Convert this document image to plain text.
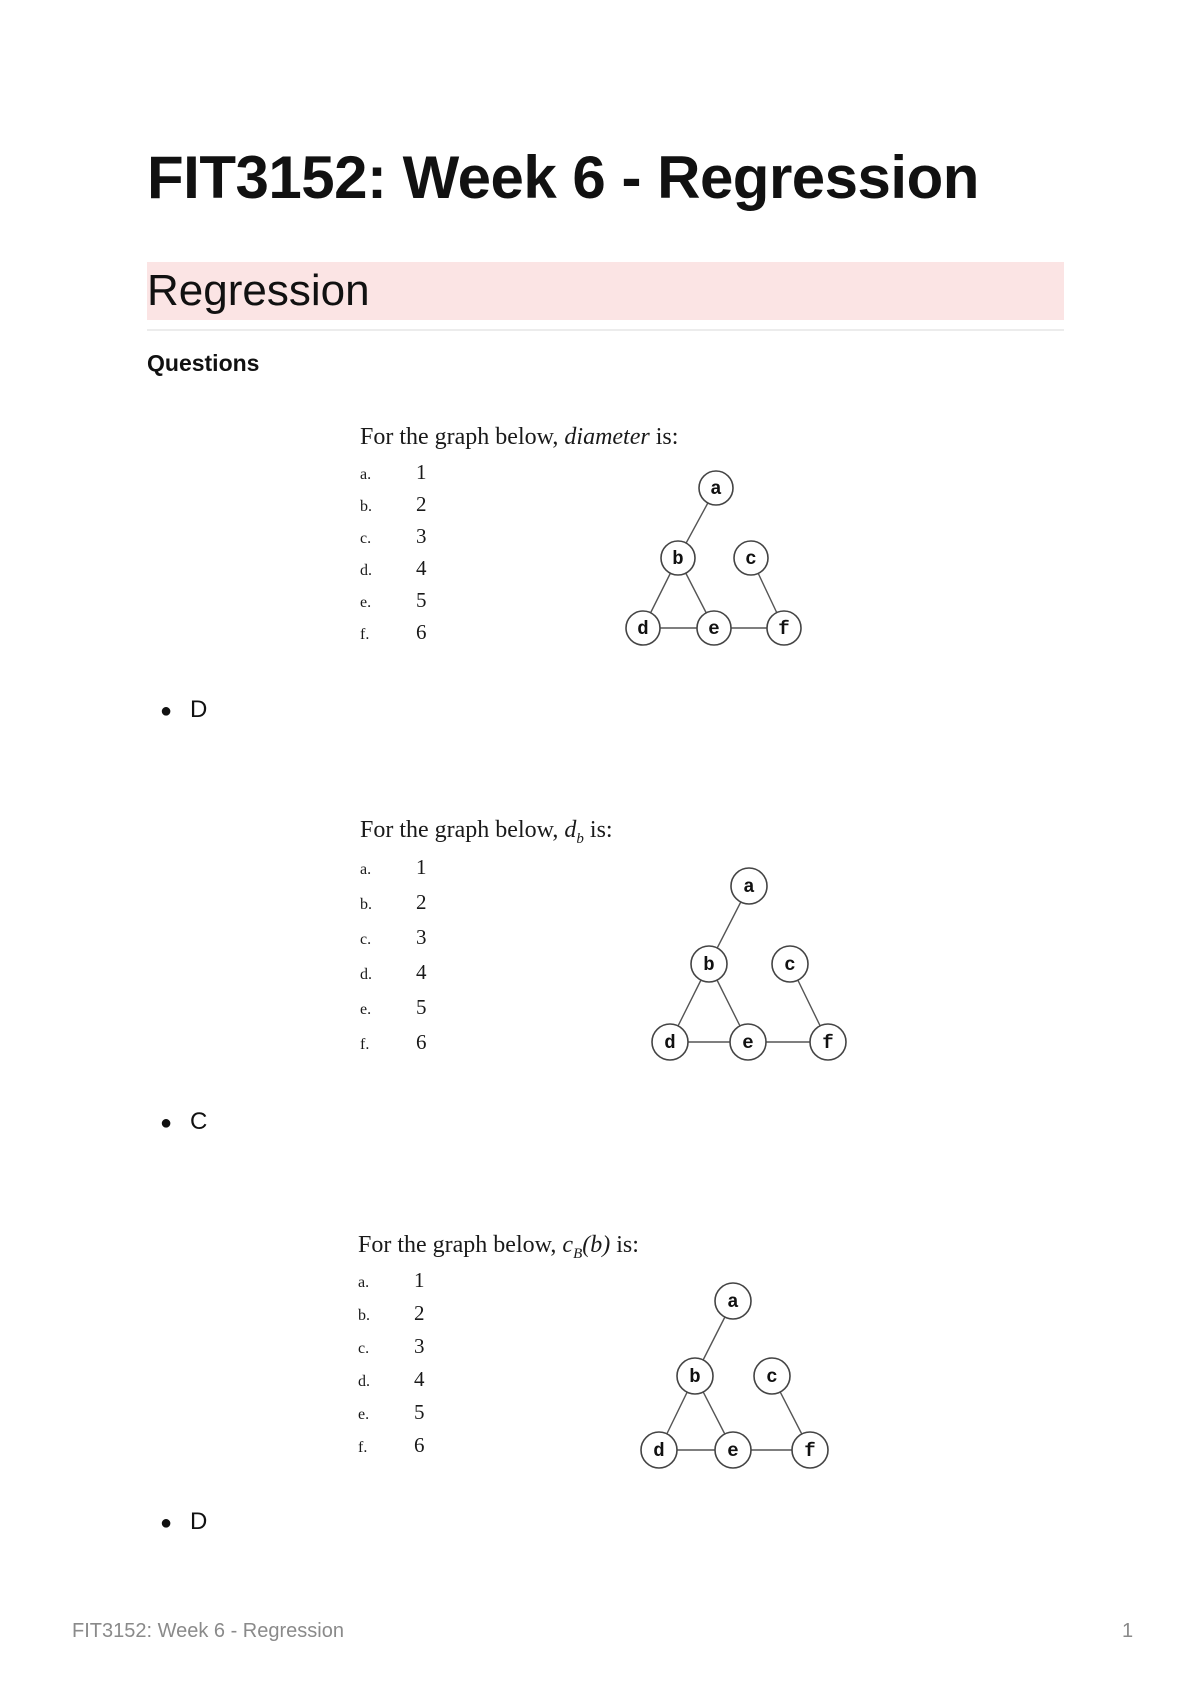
FIT3152: Week 6 - Regression
Regression
Questions
For the graph below, diameter is:
a. 1
b. 2
c. 3
d. 4
e. 5
f. 6
a
b	c
d	e	f
● D
For the graph below, $d_b$ is:
a. 1
b. 2
c. 3
d. 4
e. 5
f. 6
a
b	c
d	e	f
● C
For the graph below, $c_B(b)$ is:
a. 1
b. 2
c. 3
d. 4
e. 5
f. 6
a
b	c
d	e	f
● D
FIT3152: Week 6 - Regression	1
